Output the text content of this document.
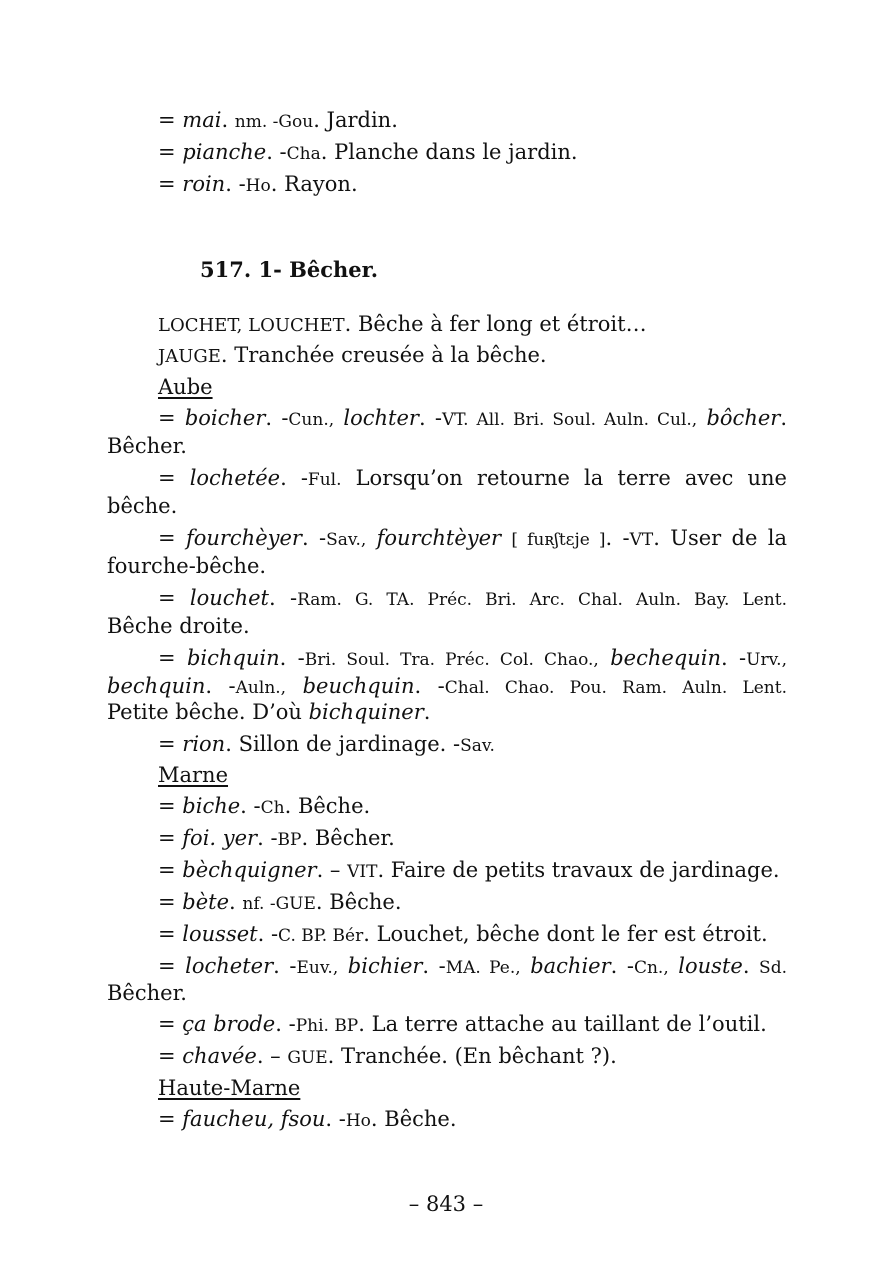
= mai. nm. -Gou. Jardin.
= pianche. -Cha. Planche dans le jardin.
= roin. -Ho. Rayon.
517. 1- Bêcher.
LOCHET, LOUCHET. Bêche à fer long et étroit…
JAUGE. Tranchée creusée à la bêche.
Aube
= boicher. -Cun., lochter. -VT. All. Bri. Soul. Auln. Cul., bôcher.
Bêcher.
= lochetée. -Ful. Lorsqu’on retourne la terre avec une
bêche.
= fourchèyer. -Sav., fourchtèyer [ fuʀʃtɛje ]. -VT. User de la
fourche-bêche.
= louchet. -Ram. G. TA. Préc. Bri. Arc. Chal. Auln. Bay. Lent.
Bêche droite.
= bichquin. -Bri. Soul. Tra. Préc. Col. Chao., bechequin. -Urv.,
bechquin. -Auln., beuchquin. -Chal. Chao. Pou. Ram. Auln. Lent.
Petite bêche. D’où bichquiner.
= rion. Sillon de jardinage. -Sav.
Marne
= biche. -Ch. Bêche.
= foi. yer. -BP. Bêcher.
= bèchquigner. – VIT. Faire de petits travaux de jardinage.
= bète. nf. -GUE. Bêche.
= lousset. -C. BP. Bér. Louchet, bêche dont le fer est étroit.
= locheter. -Euv., bichier. -MA. Pe., bachier. -Cn., louste. Sd.
Bêcher.
= ça brode. -Phi. BP. La terre attache au taillant de l’outil.
= chavée. – GUE. Tranchée. (En bêchant ?).
Haute-Marne
= faucheu, fsou. -Ho. Bêche.
– 843 –
